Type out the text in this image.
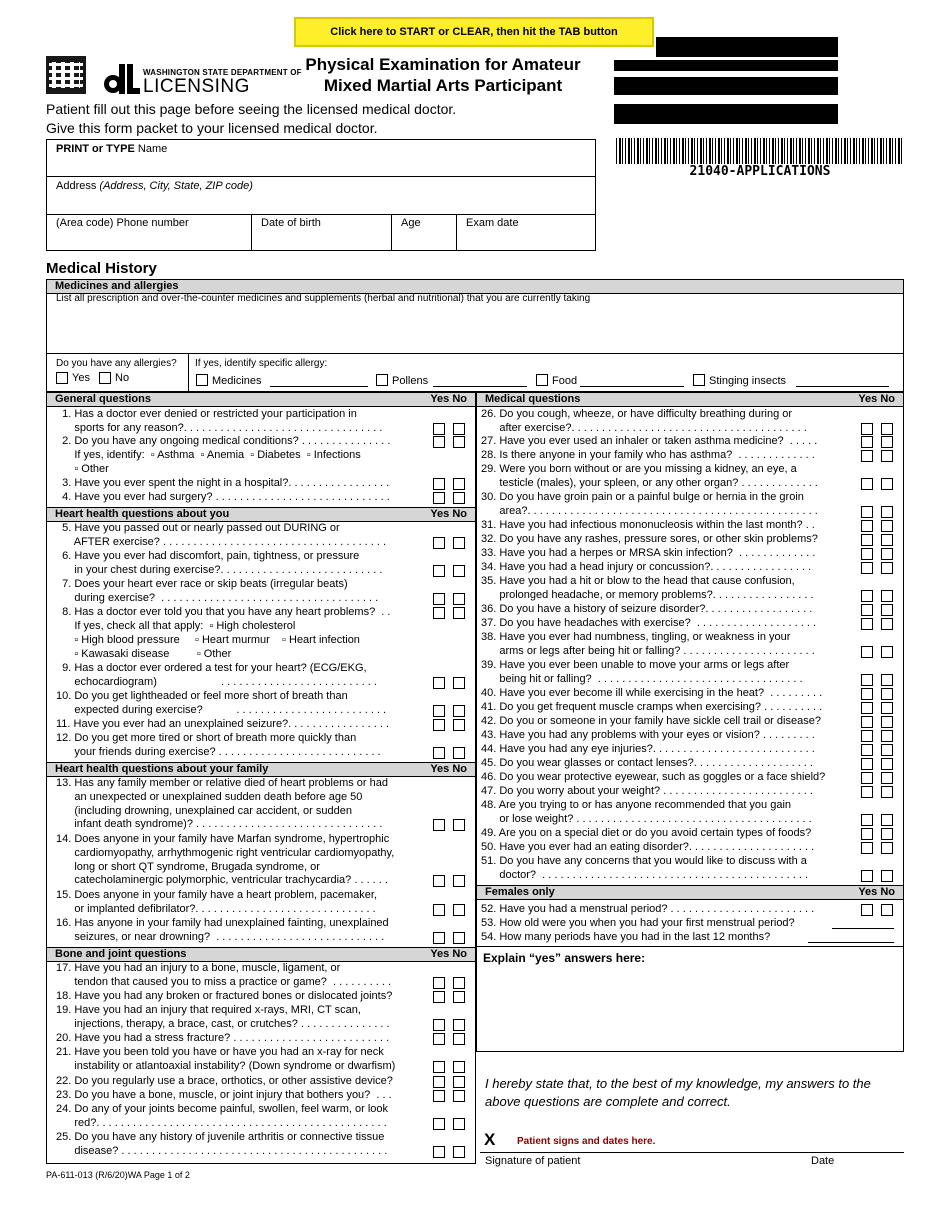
Click here to START or CLEAR, then hit the TAB button
21040-APPLICATIONS
WASHINGTON STATE DEPARTMENT OF
LICENSING
Physical Examination for Amateur
Mixed Martial Arts Participant
Patient fill out this page before seeing the licensed medical doctor.
Give this form packet to your licensed medical doctor.
PRINT or TYPE Name
Address (Address, City, State, ZIP code)
(Area code) Phone number	Date of birth	Age	Exam date
Medical History
Medicines and allergies
List all prescription and over-the-counter medicines and supplements (herbal and nutritional) that you are currently taking
Do you have any allergies? If yes, identify specific allergy:
Yes No	Medicines	Pollens	Food	Stinging insects
General questions	Yes No
Heart health questions about you	Yes No
Heart health questions about your family	Yes No
Bone and joint questions	Yes No
Medical questions	Yes No
Females only	Yes No
1. Has a doctor ever denied or restricted your participation in
sports for any reason?. . . . . . . . . . . . . . . . . . . . . . . . . . . . . . . . .
2. Do you have any ongoing medical conditions? . . . . . . . . . . . . . . .
If yes, identify:  ▫ Asthma  ▫ Anemia  ▫ Diabetes  ▫ Infections
▫ Other
3. Have you ever spent the night in a hospital?. . . . . . . . . . . . . . . . .
4. Have you ever had surgery? . . . . . . . . . . . . . . . . . . . . . . . . . . . . .
5. Have you passed out or nearly passed out DURING or
AFTER exercise? . . . . . . . . . . . . . . . . . . . . . . . . . . . . . . . . . . . . .
6. Have you ever had discomfort, pain, tightness, or pressure
in your chest during exercise?. . . . . . . . . . . . . . . . . . . . . . . . . . .
7. Does your heart ever race or skip beats (irregular beats)
during exercise?  . . . . . . . . . . . . . . . . . . . . . . . . . . . . . . . . . . . .
8. Has a doctor ever told you that you have any heart problems?  . .
If yes, check all that apply:  ▫ High cholesterol
▫ High blood pressure     ▫ Heart murmur    ▫ Heart infection
▫ Kawasaki disease         ▫ Other
9. Has a doctor ever ordered a test for your heart? (ECG/EKG,
echocardiogram)                     . . . . . . . . . . . . . . . . . . . . . . . . . .
10. Do you get lightheaded or feel more short of breath than
expected during exercise?           . . . . . . . . . . . . . . . . . . . . . . . . .
11. Have you ever had an unexplained seizure?. . . . . . . . . . . . . . . . .
12. Do you get more tired or short of breath more quickly than
your friends during exercise? . . . . . . . . . . . . . . . . . . . . . . . . . . .
13. Has any family member or relative died of heart problems or had
an unexpected or unexplained sudden death before age 50
(including drowning, unexplained car accident, or sudden
infant death syndrome)? . . . . . . . . . . . . . . . . . . . . . . . . . . . . . . .
14. Does anyone in your family have Marfan syndrome, hypertrophic
cardiomyopathy, arrhythmogenic right ventricular cardiomyopathy,
long or short QT syndrome, Brugada syndrome, or
catecholaminergic polymorphic, ventricular trachycardia? . . . . . .
15. Does anyone in your family have a heart problem, pacemaker,
or implanted defibrilator?. . . . . . . . . . . . . . . . . . . . . . . . . . . . . .
16. Has anyone in your family had unexplained fainting, unexplained
seizures, or near drowning?  . . . . . . . . . . . . . . . . . . . . . . . . . . . .
17. Have you had an injury to a bone, muscle, ligament, or
tendon that caused you to miss a practice or game?  . . . . . . . . . .
18. Have you had any broken or fractured bones or dislocated joints?
19. Have you had an injury that required x-rays, MRI, CT scan,
injections, therapy, a brace, cast, or crutches? . . . . . . . . . . . . . . .
20. Have you had a stress fracture? . . . . . . . . . . . . . . . . . . . . . . . . . .
21. Have you been told you have or have you had an x-ray for neck
instability or atlantoaxial instability? (Down syndrome or dwarfism)
22. Do you regularly use a brace, orthotics, or other assistive device?
23. Do you have a bone, muscle, or joint injury that bothers you?  . . .
24. Do any of your joints become painful, swollen, feel warm, or look
red?. . . . . . . . . . . . . . . . . . . . . . . . . . . . . . . . . . . . . . . . . . . . . . . .
25. Do you have any history of juvenile arthritis or connective tissue
disease? . . . . . . . . . . . . . . . . . . . . . . . . . . . . . . . . . . . . . . . . . . . .
26. Do you cough, wheeze, or have difficulty breathing during or
after exercise?. . . . . . . . . . . . . . . . . . . . . . . . . . . . . . . . . . . . . . .
27. Have you ever used an inhaler or taken asthma medicine?  . . . . .
28. Is there anyone in your family who has asthma?  . . . . . . . . . . . . .
29. Were you born without or are you missing a kidney, an eye, a
testicle (males), your spleen, or any other organ? . . . . . . . . . . . . .
30. Do you have groin pain or a painful bulge or hernia in the groin
area?. . . . . . . . . . . . . . . . . . . . . . . . . . . . . . . . . . . . . . . . . . . . . . . .
31. Have you had infectious mononucleosis within the last month? . .
32. Do you have any rashes, pressure sores, or other skin problems?
33. Have you had a herpes or MRSA skin infection?  . . . . . . . . . . . . .
34. Have you had a head injury or concussion?. . . . . . . . . . . . . . . . .
35. Have you had a hit or blow to the head that cause confusion,
prolonged headache, or memory problems?. . . . . . . . . . . . . . . . .
36. Do you have a history of seizure disorder?. . . . . . . . . . . . . . . . . .
37. Do you have headaches with exercise?  . . . . . . . . . . . . . . . . . . . .
38. Have you ever had numbness, tingling, or weakness in your
arms or legs after being hit or falling? . . . . . . . . . . . . . . . . . . . . . .
39. Have you ever been unable to move your arms or legs after
being hit or falling?  . . . . . . . . . . . . . . . . . . . . . . . . . . . . . . . . . .
40. Have you ever become ill while exercising in the heat?  . . . . . . . . .
41. Do you get frequent muscle cramps when exercising? . . . . . . . . . .
42. Do you or someone in your family have sickle cell trail or disease?
43. Have you had any problems with your eyes or vision? . . . . . . . . .
44. Have you had any eye injuries?. . . . . . . . . . . . . . . . . . . . . . . . . . .
45. Do you wear glasses or contact lenses?. . . . . . . . . . . . . . . . . . . .
46. Do you wear protective eyewear, such as goggles or a face shield?
47. Do you worry about your weight? . . . . . . . . . . . . . . . . . . . . . . . . .
48. Are you trying to or has anyone recommended that you gain
or lose weight? . . . . . . . . . . . . . . . . . . . . . . . . . . . . . . . . . . . . . . .
49. Are you on a special diet or do you avoid certain types of foods?
50. Have you ever had an eating disorder?. . . . . . . . . . . . . . . . . . . . .
51. Do you have any concerns that you would like to discuss with a
doctor?  . . . . . . . . . . . . . . . . . . . . . . . . . . . . . . . . . . . . . . . . . . . .
52. Have you had a menstrual period? . . . . . . . . . . . . . . . . . . . . . . . .
53. How old were you when you had your first menstrual period?
54. How many periods have you had in the last 12 months?
Explain “yes” answers here:
I hereby state that, to the best of my knowledge, my answers to the above questions are complete and correct.
X Patient signs and dates here.
Signature of patient	Date
PA-611-013 (R/6/20)WA Page 1 of 2
